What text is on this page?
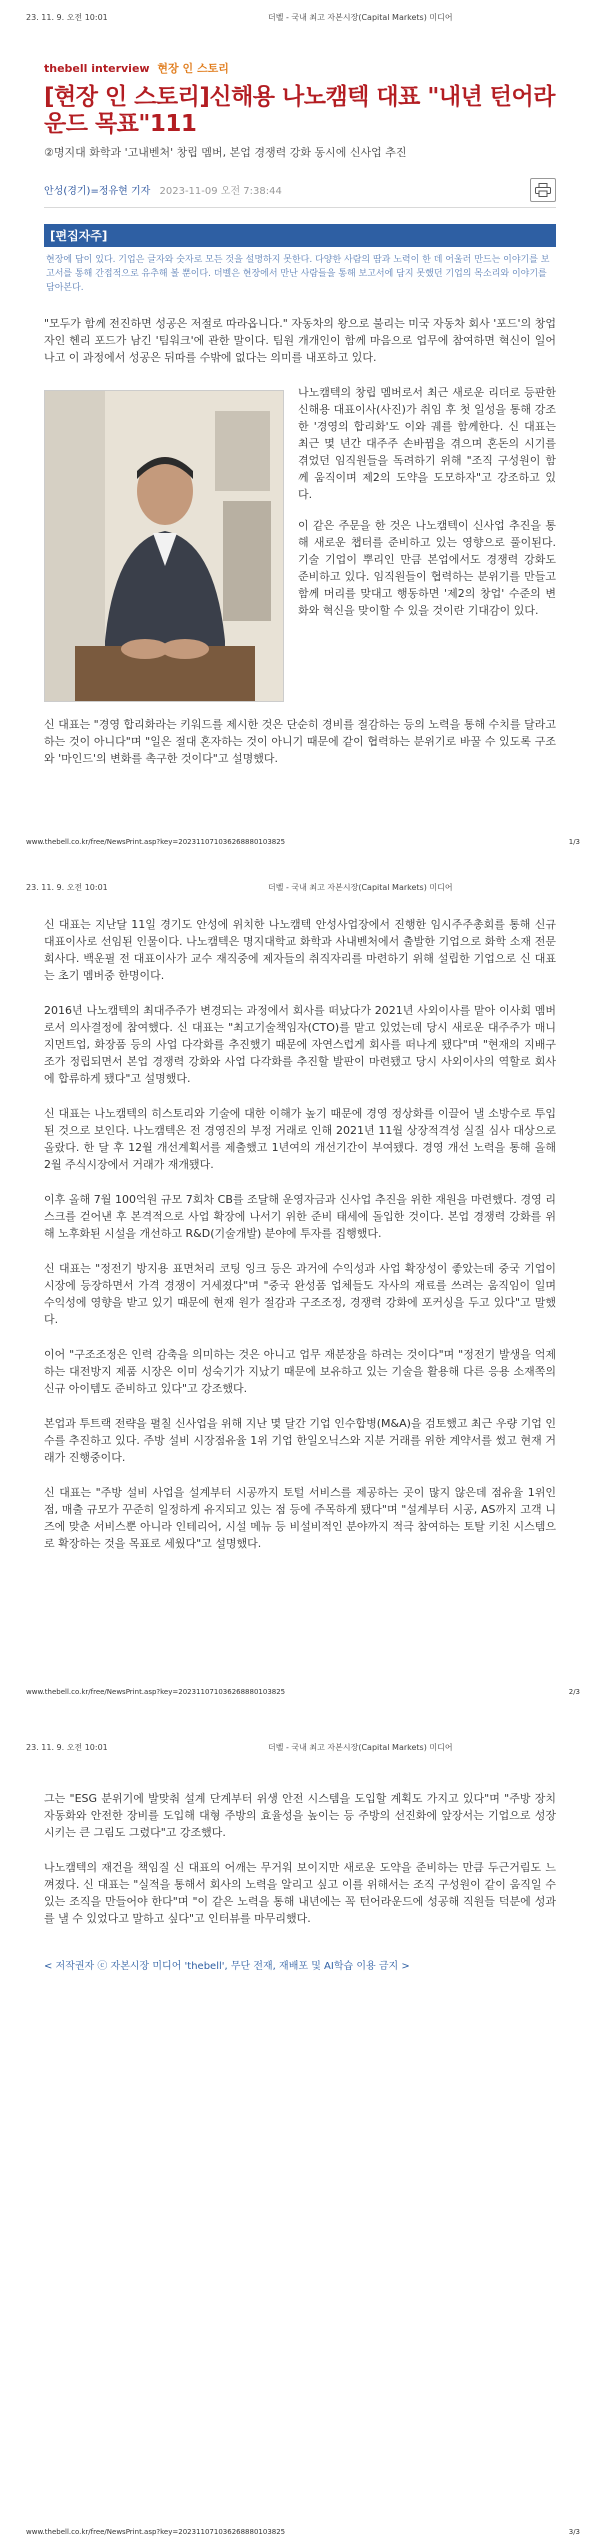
23. 11. 9. 오전 10:01	더벨 - 국내 최고 자본시장(Capital Markets) 미디어
thebell interview 현장 인 스토리
[현장 인 스토리]신해용 나노캠텍 대표 "내년 턴어라운드 목표"111
②명지대 화학과 '고내벤처' 창립 멤버, 본업 경쟁력 강화 동시에 신사업 추진
안성(경기)=정유현 기자 2023-11-09 오전 7:38:44
[편집자주]
현장에 답이 있다. 기업은 글자와 숫자로 모든 것을 설명하지 못한다. 다양한 사람의 땀과 노력이 한 데 어울러 만드는 이야기를 보고서를 통해 간접적으로 유추해 볼 뿐이다. 더벨은 현장에서 만난 사람들을 통해 보고서에 담지 못했던 기업의 목소리와 이야기를 담아본다.

"모두가 함께 전진하면 성공은 저절로 따라옵니다." 자동차의 왕으로 불리는 미국 자동차 회사 '포드'의 창업자인 헨리 포드가 남긴 '팀워크'에 관한 말이다. 팀원 개개인이 함께 마음으로 업무에 참여하면 혁신이 일어나고 이 과정에서 성공은 뒤따를 수밖에 없다는 의미를 내포하고 있다.

나노캠텍의 창립 멤버로서 최근 새로운 리더로 등판한 신해용 대표이사(사진)가 취임 후 첫 일성을 통해 강조한 '경영의 합리화'도 이와 궤를 함께한다. 신 대표는 최근 몇 년간 대주주 손바뀜을 겪으며 혼돈의 시기를 겪었던 임직원들을 독려하기 위해 "조직 구성원이 함께 움직이며 제2의 도약을 도모하자"고 강조하고 있다.

이 같은 주문을 한 것은 나노캠텍이 신사업 추진을 통해 새로운 챕터를 준비하고 있는 영향으로 풀이된다. 기술 기업이 뿌리인 만큼 본업에서도 경쟁력 강화도 준비하고 있다. 임직원들이 협력하는 분위기를 만들고 함께 머리를 맞대고 행동하면 '제2의 창업' 수준의 변화와 혁신을 맞이할 수 있을 것이란 기대감이 있다.

신 대표는 "경영 합리화라는 키워드를 제시한 것은 단순히 경비를 절감하는 등의 노력을 통해 수치를 달라고 하는 것이 아니다"며 "일은 절대 혼자하는 것이 아니기 때문에 같이 협력하는 분위기로 바꿀 수 있도록 구조와 '마인드'의 변화를 촉구한 것이다"고 설명했다.

www.thebell.co.kr/free/NewsPrint.asp?key=202311071036268880103825	1/3
23. 11. 9. 오전 10:01	더벨 - 국내 최고 자본시장(Capital Markets) 미디어

신 대표는 지난달 11일 경기도 안성에 위치한 나노캠텍 안성사업장에서 진행한 임시주주총회를 통해 신규 대표이사로 선임된 인물이다. 나노캠텍은 명지대학교 화학과 사내벤처에서 출발한 기업으로 화학 소재 전문회사다. 백운필 전 대표이사가 교수 재직중에 제자들의 취직자리를 마련하기 위해 설립한 기업으로 신 대표는 초기 멤버중 한명이다.

2016년 나노캠텍의 최대주주가 변경되는 과정에서 회사를 떠났다가 2021년 사외이사를 맡아 이사회 멤버로서 의사결정에 참여했다. 신 대표는 "최고기술책임자(CTO)를 맡고 있었는데 당시 새로운 대주주가 매니지먼트업, 화장품 등의 사업 다각화를 추진했기 때문에 자연스럽게 회사를 떠나게 됐다"며 "현재의 지배구조가 정립되면서 본업 경쟁력 강화와 사업 다각화를 추진할 발판이 마련됐고 당시 사외이사의 역할로 회사에 합류하게 됐다"고 설명했다.

신 대표는 나노캠텍의 히스토리와 기술에 대한 이해가 높기 때문에 경영 정상화를 이끌어 낼 소방수로 투입된 것으로 보인다. 나노캠텍은 전 경영진의 부정 거래로 인해 2021년 11월 상장적격성 실질 심사 대상으로 올랐다. 한 달 후 12월 개선계획서를 제출했고 1년여의 개선기간이 부여됐다. 경영 개선 노력을 통해 올해 2월 주식시장에서 거래가 재개됐다.

이후 올해 7월 100억원 규모 7회차 CB를 조달해 운영자금과 신사업 추진을 위한 재원을 마련했다. 경영 리스크를 걷어낸 후 본격적으로 사업 확장에 나서기 위한 준비 태세에 돌입한 것이다. 본업 경쟁력 강화를 위해 노후화된 시설을 개선하고 R&D(기술개발) 분야에 투자를 집행했다.

신 대표는 "정전기 방지용 표면처리 코팅 잉크 등은 과거에 수익성과 사업 확장성이 좋았는데 중국 기업이 시장에 등장하면서 가격 경쟁이 거세졌다"며 "중국 완성품 업체들도 자사의 재료를 쓰려는 움직임이 일며 수익성에 영향을 받고 있기 때문에 현재 원가 절감과 구조조정, 경쟁력 강화에 포커싱을 두고 있다"고 말했다.

이어 "구조조정은 인력 감축을 의미하는 것은 아니고 업무 재분장을 하려는 것이다"며 "정전기 발생을 억제하는 대전방지 제품 시장은 이미 성숙기가 지났기 때문에 보유하고 있는 기술을 활용해 다른 응용 소재쪽의 신규 아이템도 준비하고 있다"고 강조했다.

본업과 투트랙 전략을 펼칠 신사업을 위해 지난 몇 달간 기업 인수합병(M&A)을 검토했고 최근 우량 기업 인수를 추진하고 있다. 주방 설비 시장점유율 1위 기업 한일오닉스와 지분 거래를 위한 계약서를 썼고 현재 거래가 진행중이다.

신 대표는 "주방 설비 사업을 설계부터 시공까지 토털 서비스를 제공하는 곳이 많지 않은데 점유율 1위인 점, 매출 규모가 꾸준히 일정하게 유지되고 있는 점 등에 주목하게 됐다"며 "설계부터 시공, AS까지 고객 니즈에 맞춘 서비스뿐 아니라 인테리어, 시설 메뉴 등 비설비적인 분야까지 적극 참여하는 토탈 키친 시스템으로 확장하는 것을 목표로 세웠다"고 설명했다.

www.thebell.co.kr/free/NewsPrint.asp?key=202311071036268880103825	2/3
23. 11. 9. 오전 10:01	더벨 - 국내 최고 자본시장(Capital Markets) 미디어

그는 "ESG 분위기에 발맞춰 설계 단계부터 위생 안전 시스템을 도입할 계획도 가지고 있다"며 "주방 장치 자동화와 안전한 장비를 도입해 대형 주방의 효율성을 높이는 등 주방의 선진화에 앞장서는 기업으로 성장시키는 큰 그림도 그렸다"고 강조했다.

나노캠텍의 재건을 책임질 신 대표의 어깨는 무거워 보이지만 새로운 도약을 준비하는 만큼 두근거림도 느껴졌다. 신 대표는 "실적을 통해서 회사의 노력을 알리고 싶고 이를 위해서는 조직 구성원이 같이 움직일 수 있는 조직을 만들어야 한다"며 "이 같은 노력을 통해 내년에는 꼭 턴어라운드에 성공해 직원들 덕분에 성과를 낼 수 있었다고 말하고 싶다"고 인터뷰를 마무리했다.

< 저작권자 ⓒ 자본시장 미디어 'thebell', 무단 전재, 재배포 및 AI학습 이용 금지 >
www.thebell.co.kr/free/NewsPrint.asp?key=202311071036268880103825	3/3
